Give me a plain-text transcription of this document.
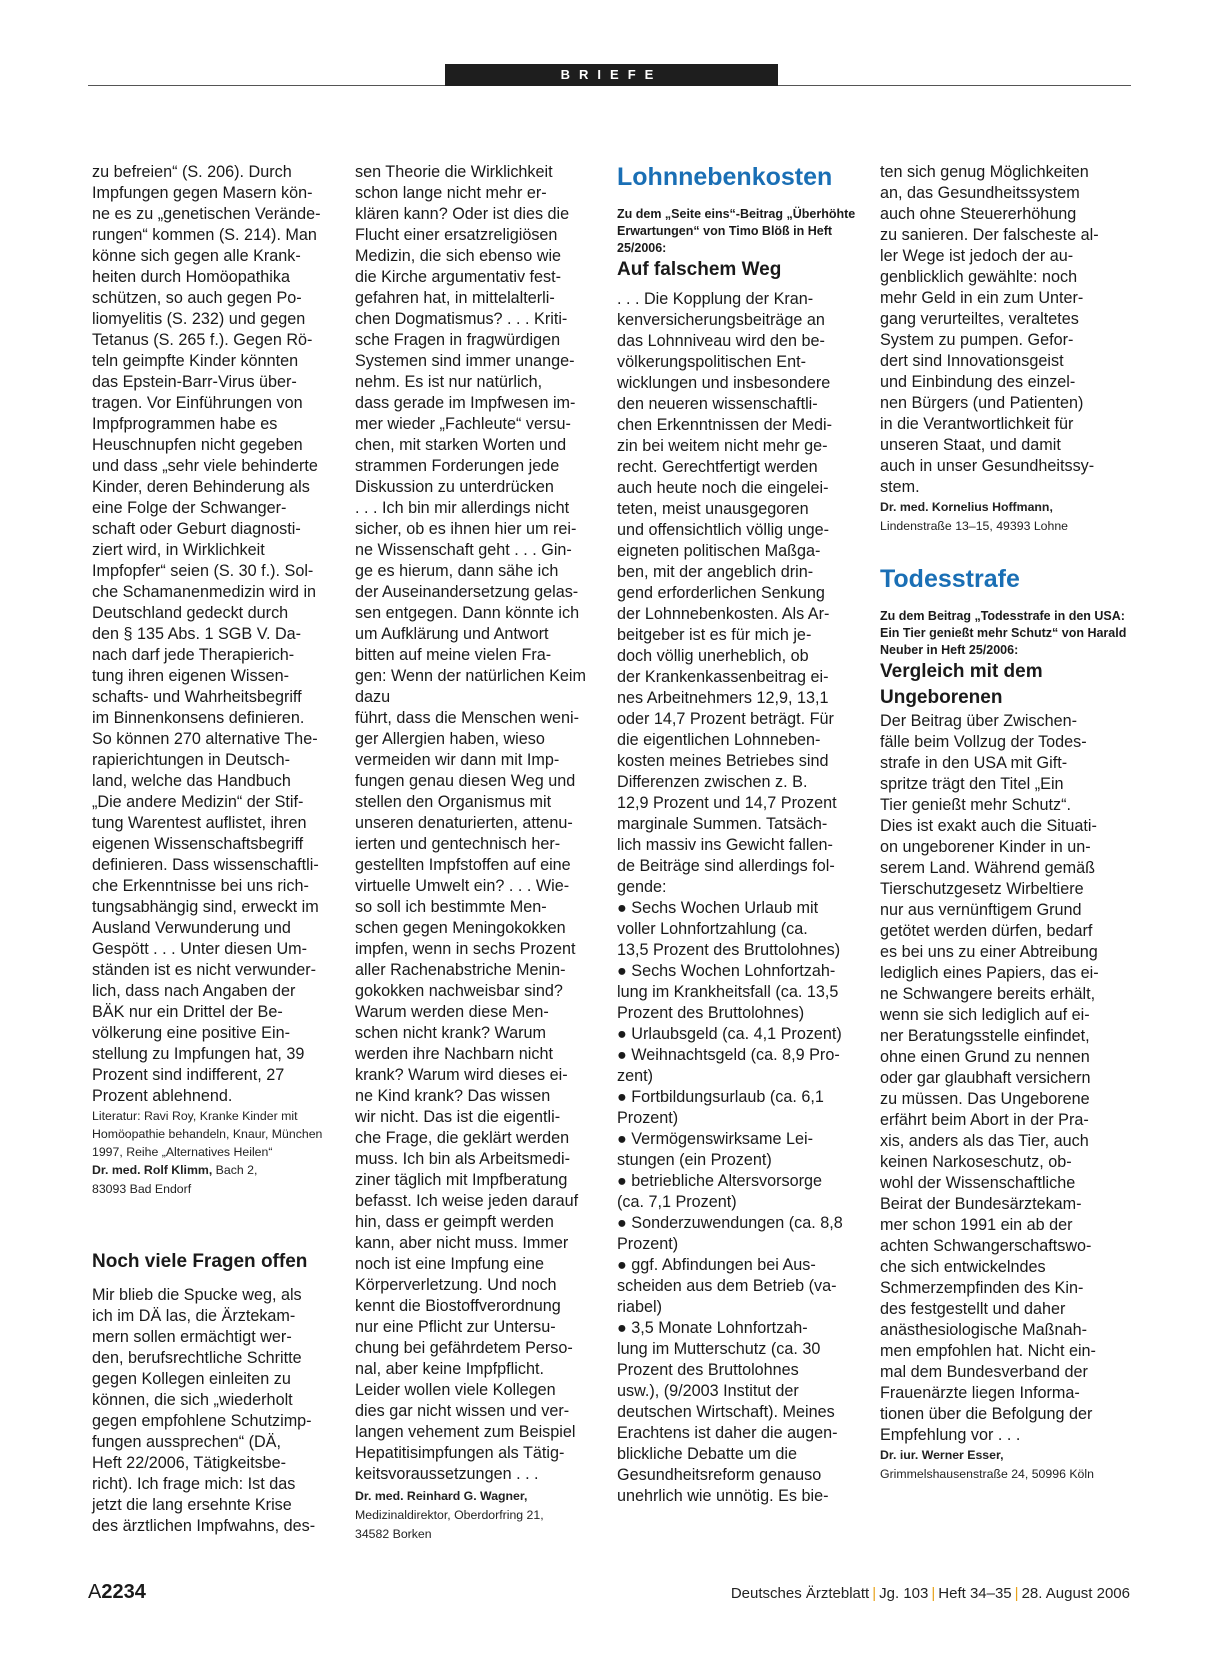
BRIEFE

zu befreien“ (S. 206). Durch
Impfungen gegen Masern kön-
ne es zu „genetischen Verände-
rungen“ kommen (S. 214). Man
könne sich gegen alle Krank-
heiten durch Homöopathika
schützen, so auch gegen Po-
liomyelitis (S. 232) und gegen
Tetanus (S. 265 f.). Gegen Rö-
teln geimpfte Kinder könnten
das Epstein-Barr-Virus über-
tragen. Vor Einführungen von
Impfprogrammen habe es
Heuschnupfen nicht gegeben
und dass „sehr viele behinderte
Kinder, deren Behinderung als
eine Folge der Schwanger-
schaft oder Geburt diagnosti-
ziert wird, in Wirklichkeit
Impfopfer“ seien (S. 30 f.). Sol-
che Schamanenmedizin wird in
Deutschland gedeckt durch
den § 135 Abs. 1 SGB V. Da-
nach darf jede Therapierich-
tung ihren eigenen Wissen-
schafts- und Wahrheitsbegriff
im Binnenkonsens definieren.
So können 270 alternative The-
rapierichtungen in Deutsch-
land, welche das Handbuch
„Die andere Medizin“ der Stif-
tung Warentest auflistet, ihren
eigenen Wissenschaftsbegriff
definieren. Dass wissenschaftli-
che Erkenntnisse bei uns rich-
tungsabhängig sind, erweckt im
Ausland Verwunderung und
Gespött . . . Unter diesen Um-
ständen ist es nicht verwunder-
lich, dass nach Angaben der
BÄK nur ein Drittel der Be-
völkerung eine positive Ein-
stellung zu Impfungen hat, 39
Prozent sind indifferent, 27
Prozent ablehnend.

Literatur: Ravi Roy, Kranke Kinder mit Homöopathie behandeln, Knaur, München 1997, Reihe „Alternatives Heilen“

Dr. med. Rolf Klimm, Bach 2,
83093 Bad Endorf

Noch viele Fragen offen

Mir blieb die Spucke weg, als
ich im DÄ las, die Ärztekam-
mern sollen ermächtigt wer-
den, berufsrechtliche Schritte
gegen Kollegen einleiten zu
können, die sich „wiederholt
gegen empfohlene Schutzimp-
fungen aussprechen“ (DÄ,
Heft 22/2006, Tätigkeitsbe-
richt). Ich frage mich: Ist das
jetzt die lang ersehnte Krise
des ärztlichen Impfwahns, des-

sen Theorie die Wirklichkeit
schon lange nicht mehr er-
klären kann? Oder ist dies die
Flucht einer ersatzreligiösen
Medizin, die sich ebenso wie
die Kirche argumentativ fest-
gefahren hat, in mittelalterli-
chen Dogmatismus? . . . Kriti-
sche Fragen in fragwürdigen
Systemen sind immer unange-
nehm. Es ist nur natürlich,
dass gerade im Impfwesen im-
mer wieder „Fachleute“ versu-
chen, mit starken Worten und
strammen Forderungen jede
Diskussion zu unterdrücken
. . . Ich bin mir allerdings nicht
sicher, ob es ihnen hier um rei-
ne Wissenschaft geht . . . Gin-
ge es hierum, dann sähe ich
der Auseinandersetzung gelas-
sen entgegen. Dann könnte ich
um Aufklärung und Antwort
bitten auf meine vielen Fra-
gen: Wenn der natürlichen Keim dazu
führt, dass die Menschen weni-
ger Allergien haben, wieso
vermeiden wir dann mit Imp-
fungen genau diesen Weg und
stellen den Organismus mit
unseren denaturierten, attenu-
ierten und gentechnisch her-
gestellten Impfstoffen auf eine
virtuelle Umwelt ein? . . . Wie-
so soll ich bestimmte Men-
schen gegen Meningokokken
impfen, wenn in sechs Prozent
aller Rachenabstriche Menin-
gokokken nachweisbar sind?
Warum werden diese Men-
schen nicht krank? Warum
werden ihre Nachbarn nicht
krank? Warum wird dieses ei-
ne Kind krank? Das wissen
wir nicht. Das ist die eigentli-
che Frage, die geklärt werden
muss. Ich bin als Arbeitsmedi-
ziner täglich mit Impfberatung
befasst. Ich weise jeden darauf
hin, dass er geimpft werden
kann, aber nicht muss. Immer
noch ist eine Impfung eine
Körperverletzung. Und noch
kennt die Biostoffverordnung
nur eine Pflicht zur Untersu-
chung bei gefährdetem Perso-
nal, aber keine Impfpflicht.
Leider wollen viele Kollegen
dies gar nicht wissen und ver-
langen vehement zum Beispiel
Hepatitisimpfungen als Tätig-
keitsvoraussetzungen . . .

Dr. med. Reinhard G. Wagner,
Medizinaldirektor, Oberdorfring 21,
34582 Borken

Lohnnebenkosten

Zu dem „Seite eins“-Beitrag „Überhöhte Erwartungen“ von Timo Blöß in Heft 25/2006:

Auf falschem Weg

. . . Die Kopplung der Kran-
kenversicherungsbeiträge an
das Lohnniveau wird den be-
völkerungspolitischen Ent-
wicklungen und insbesondere
den neueren wissenschaftli-
chen Erkenntnissen der Medi-
zin bei weitem nicht mehr ge-
recht. Gerechtfertigt werden
auch heute noch die eingelei-
teten, meist unausgegoren
und offensichtlich völlig unge-
eigneten politischen Maßga-
ben, mit der angeblich drin-
gend erforderlichen Senkung
der Lohnnebenkosten. Als Ar-
beitgeber ist es für mich je-
doch völlig unerheblich, ob
der Krankenkassenbeitrag ei-
nes Arbeitnehmers 12,9, 13,1
oder 14,7 Prozent beträgt. Für
die eigentlichen Lohnneben-
kosten meines Betriebes sind
Differenzen zwischen z. B.
12,9 Prozent und 14,7 Prozent
marginale Summen. Tatsäch-
lich massiv ins Gewicht fallen-
de Beiträge sind allerdings fol-
gende:

● Sechs Wochen Urlaub mit
voller Lohnfortzahlung (ca.
13,5 Prozent des Bruttolohnes)

● Sechs Wochen Lohnfortzah-
lung im Krankheitsfall (ca. 13,5
Prozent des Bruttolohnes)

● Urlaubsgeld (ca. 4,1 Prozent)

● Weihnachtsgeld (ca. 8,9 Pro-
zent)

● Fortbildungsurlaub (ca. 6,1
Prozent)

● Vermögenswirksame Lei-
stungen (ein Prozent)

● betriebliche Altersvorsorge
(ca. 7,1 Prozent)

● Sonderzuwendungen (ca. 8,8
Prozent)

● ggf. Abfindungen bei Aus-
scheiden aus dem Betrieb (va-
riabel)

● 3,5 Monate Lohnfortzah-
lung im Mutterschutz (ca. 30
Prozent des Bruttolohnes
usw.), (9/2003 Institut der
deutschen Wirtschaft). Meines
Erachtens ist daher die augen-
blickliche Debatte um die
Gesundheitsreform genauso
unehrlich wie unnötig. Es bie-

ten sich genug Möglichkeiten
an, das Gesundheitssystem
auch ohne Steuererhöhung
zu sanieren. Der falscheste al-
ler Wege ist jedoch der au-
genblicklich gewählte: noch
mehr Geld in ein zum Unter-
gang verurteiltes, veraltetes
System zu pumpen. Gefor-
dert sind Innovationsgeist
und Einbindung des einzel-
nen Bürgers (und Patienten)
in die Verantwortlichkeit für
unseren Staat, und damit
auch in unser Gesundheitssy-
stem.

Dr. med. Kornelius Hoffmann,
Lindenstraße 13–15, 49393 Lohne

Todesstrafe

Zu dem Beitrag „Todesstrafe in den USA: Ein Tier genießt mehr Schutz“ von Harald Neuber in Heft 25/2006:

Vergleich mit dem Ungeborenen

Der Beitrag über Zwischen-
fälle beim Vollzug der Todes-
strafe in den USA mit Gift-
spritze trägt den Titel „Ein
Tier genießt mehr Schutz“.
Dies ist exakt auch die Situati-
on ungeborener Kinder in un-
serem Land. Während gemäß
Tierschutzgesetz Wirbeltiere
nur aus vernünftigem Grund
getötet werden dürfen, bedarf
es bei uns zu einer Abtreibung
lediglich eines Papiers, das ei-
ne Schwangere bereits erhält,
wenn sie sich lediglich auf ei-
ner Beratungsstelle einfindet,
ohne einen Grund zu nennen
oder gar glaubhaft versichern
zu müssen. Das Ungeborene
erfährt beim Abort in der Pra-
xis, anders als das Tier, auch
keinen Narkoseschutz, ob-
wohl der Wissenschaftliche
Beirat der Bundesärztekam-
mer schon 1991 ein ab der
achten Schwangerschaftswo-
che sich entwickelndes
Schmerzempfinden des Kin-
des festgestellt und daher
anästhesiologische Maßnah-
men empfohlen hat. Nicht ein-
mal dem Bundesverband der
Frauenärzte liegen Informa-
tionen über die Befolgung der
Empfehlung vor . . .

Dr. iur. Werner Esser,
Grimmelshausenstraße 24, 50996 Köln

A2234	Deutsches Ärzteblatt | Jg. 103 | Heft 34–35 | 28. August 2006
